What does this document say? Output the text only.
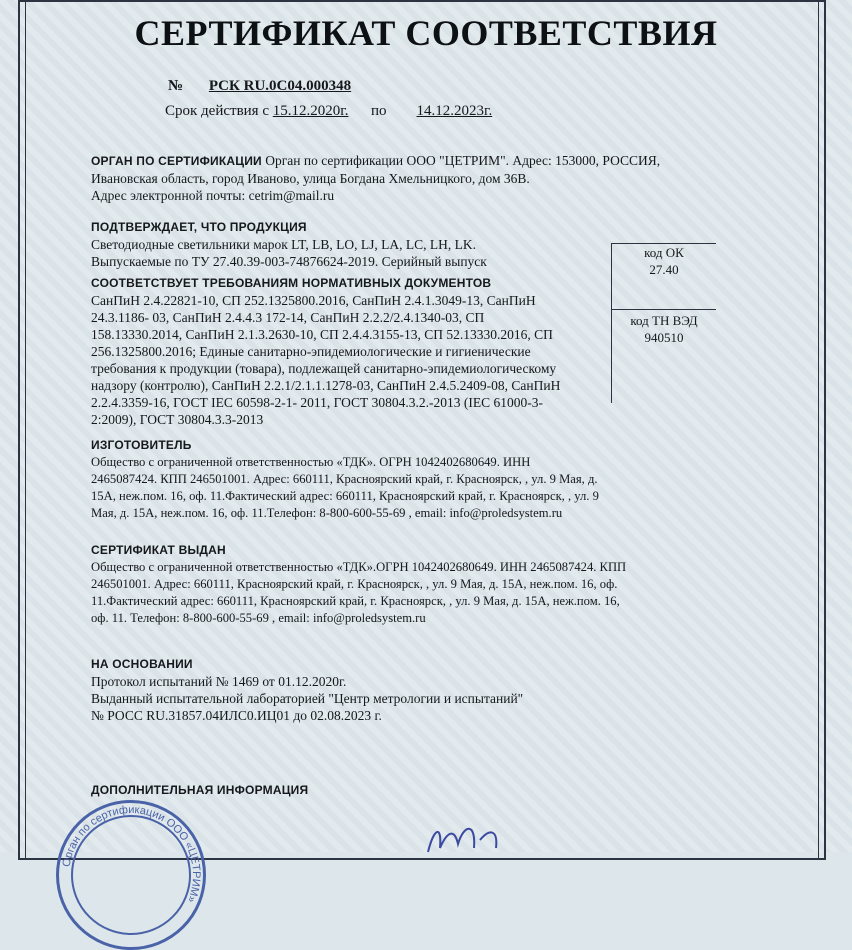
СЕРТИФИКАТ СООТВЕТСТВИЯ
№ РСК RU.0С04.000348
Срок действия с 15.12.2020г. по 14.12.2023г.
ОРГАН ПО СЕРТИФИКАЦИИ Орган по сертификации ООО "ЦЕТРИМ". Адрес: 153000, РОССИЯ,
Ивановская область, город Иваново, улица Богдана Хмельницкого, дом 36В.
Адрес электронной почты: cetrim@mail.ru
ПОДТВЕРЖДАЕТ, ЧТО ПРОДУКЦИЯ
Светодиодные светильники марок LT, LB, LO, LJ, LA, LC, LH, LK.
Выпускаемые по ТУ 27.40.39-003-74876624-2019. Серийный выпуск
код ОК
27.40
код ТН ВЭД
940510
СООТВЕТСТВУЕТ ТРЕБОВАНИЯМ НОРМАТИВНЫХ ДОКУМЕНТОВ
СанПиН 2.4.22821-10, СП 252.1325800.2016, СанПиН 2.4.1.3049-13, СанПиН
24.3.1186- 03, СанПиН 2.4.4.3 172-14, СанПиН 2.2.2/2.4.1340-03, СП
158.13330.2014, СанПиН 2.1.3.2630-10, СП 2.4.4.3155-13, СП 52.13330.2016, СП
256.1325800.2016; Единые санитарно-эпидемиологические и гигиенические
требования к продукции (товара), подлежащей санитарно-эпидемиологическому
надзору (контролю), СанПиН 2.2.1/2.1.1.1278-03, СанПиН 2.4.5.2409-08, СанПиН
2.2.4.3359-16, ГОСТ IEC 60598-2-1- 2011, ГОСТ 30804.3.2.-2013 (IEC 61000-3-
2:2009), ГОСТ 30804.3.3-2013
ИЗГОТОВИТЕЛЬ
Общество с ограниченной ответственностью «ТДК». ОГРН 1042402680649. ИНН
2465087424. КПП 246501001. Адрес: 660111, Красноярский край, г. Красноярск, , ул. 9 Мая, д.
15А, неж.пом. 16, оф. 11.Фактический адрес: 660111, Красноярский край, г. Красноярск, , ул. 9
Мая, д. 15А, неж.пом. 16, оф. 11.Телефон: 8-800-600-55-69 , email: info@proledsystem.ru
СЕРТИФИКАТ ВЫДАН
Общество с ограниченной ответственностью «ТДК».ОГРН 1042402680649. ИНН 2465087424. КПП
246501001. Адрес: 660111, Красноярский край, г. Красноярск, , ул. 9 Мая, д. 15А, неж.пом. 16, оф.
11.Фактический адрес: 660111, Красноярский край, г. Красноярск, , ул. 9 Мая, д. 15А, неж.пом. 16,
оф. 11. Телефон: 8-800-600-55-69 , email: info@proledsystem.ru
НА ОСНОВАНИИ
Протокол испытаний № 1469 от 01.12.2020г.
Выданный испытательной лабораторией "Центр метрологии и испытаний"
№ РОСС RU.31857.04ИЛС0.ИЦ01 до 02.08.2023 г.
ДОПОЛНИТЕЛЬНАЯ ИНФОРМАЦИЯ
Орган по сертификации ООО «ЦЕТРИМ»
